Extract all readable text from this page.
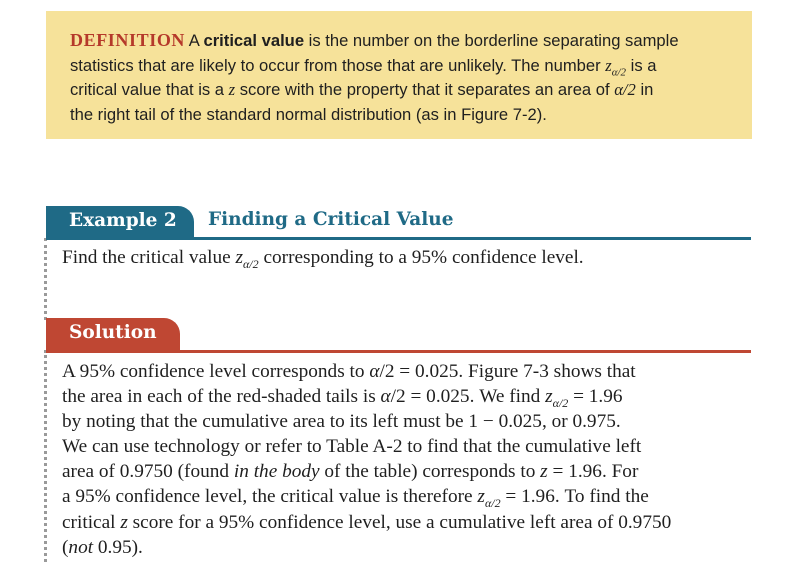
DEFINITION A critical value is the number on the borderline separating sample
statistics that are likely to occur from those that are unlikely. The number $z_{\alpha/2}$ is a
critical value that is a z score with the property that it separates an area of α/2 in
the right tail of the standard normal distribution (as in Figure 7-2).
Example 2	Finding a Critical Value
Find the critical value $z_{\alpha/2}$ corresponding to a 95% confidence level.
Solution
A 95% confidence level corresponds to α/2 = 0.025. Figure 7-3 shows that
the area in each of the red-shaded tails is α/2 = 0.025. We find $z_{\alpha/2} = 1.96$
by noting that the cumulative area to its left must be 1 − 0.025, or 0.975.
We can use technology or refer to Table A-2 to find that the cumulative left
area of 0.9750 (found in the body of the table) corresponds to z = 1.96. For
a 95% confidence level, the critical value is therefore $z_{\alpha/2} = 1.96$. To find the
critical z score for a 95% confidence level, use a cumulative left area of 0.9750
(not 0.95).
